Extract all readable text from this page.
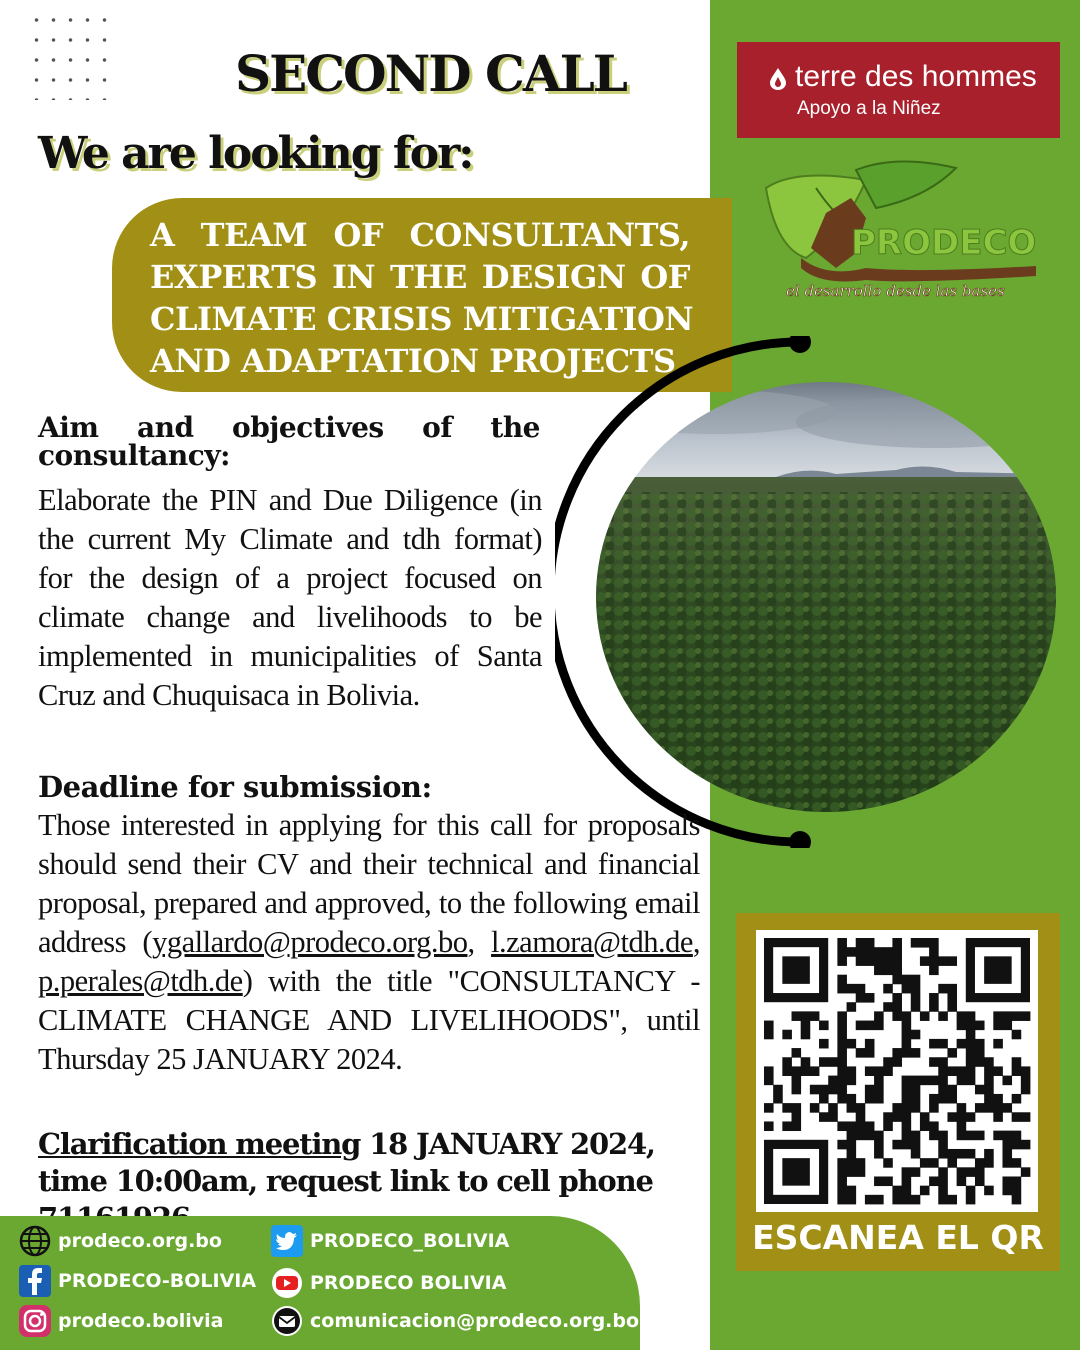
SECOND CALL
We are looking for:
A TEAM OF CONSULTANTS,
EXPERTS IN THE DESIGN OF
CLIMATE CRISIS MITIGATION
AND ADAPTATION PROJECTS
Aim and objectives of the
consultancy:
Elaborate the PIN and Due Diligence (in the current My Climate and tdh format) for the design of a project focused on climate change and livelihoods to be implemented in municipalities of Santa Cruz and Chuquisaca in Bolivia.
Deadline for submission:
Those interested in applying for this call for proposals should send their CV and their technical and financial proposal, prepared and approved, to the following email address (ygallardo@prodeco.org.bo, l.zamora@tdh.de, p.perales@tdh.de) with the title "CONSULTANCY - CLIMATE CHANGE AND LIVELIHOODS", until Thursday 25 JANUARY 2024.
Clarification meeting 18 JANUARY 2024, time 10:00am, request link to cell phone
terre des hommes
Apoyo a la Niñez
PRODECO
el desarrollo desde las bases
ESCANEA EL QR
prodeco.org.bo
PRODECO-BOLIVIA
prodeco.bolivia
PRODECO_BOLIVIA
PRODECO BOLIVIA
comunicacion@prodeco.org.bo
